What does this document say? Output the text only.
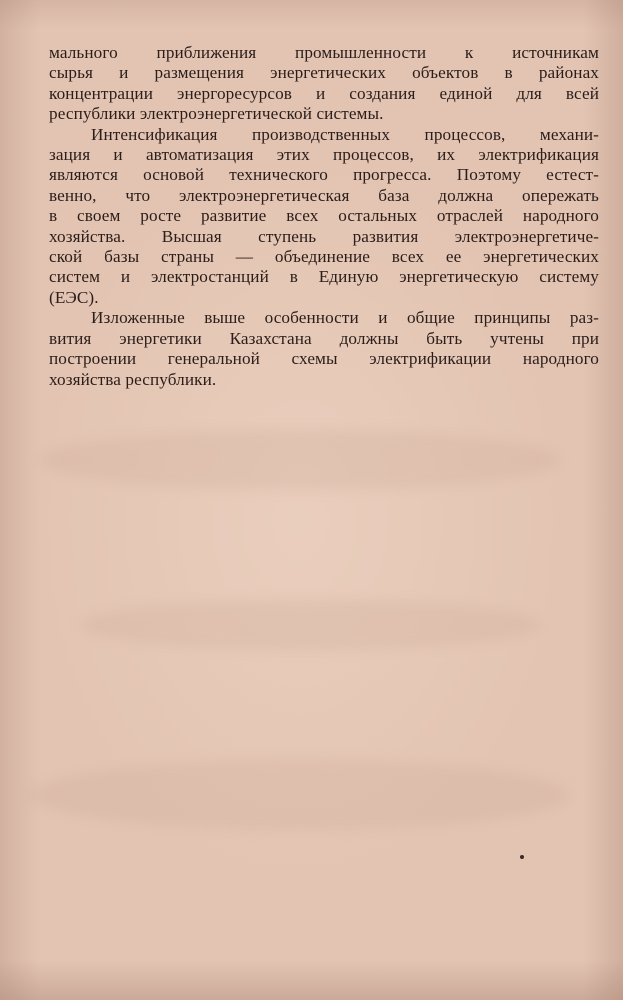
мального приближения промышленности к источникам
сырья и размещения энергетических объектов в районах
концентрации энергоресурсов и создания единой для всей
республики электроэнергетической системы.
Интенсификация производственных процессов, механи-
зация и автоматизация этих процессов, их электрификация
являются основой технического прогресса. Поэтому естест-
венно, что электроэнергетическая база должна опережать
в своем росте развитие всех остальных отраслей народного
хозяйства. Высшая ступень развития электроэнергетиче-
ской базы страны — объединение всех ее энергетических
систем и электростанций в Единую энергетическую систему
(ЕЭС).
Изложенные выше особенности и общие принципы раз-
вития энергетики Казахстана должны быть учтены при
построении генеральной схемы электрификации народного
хозяйства республики.
